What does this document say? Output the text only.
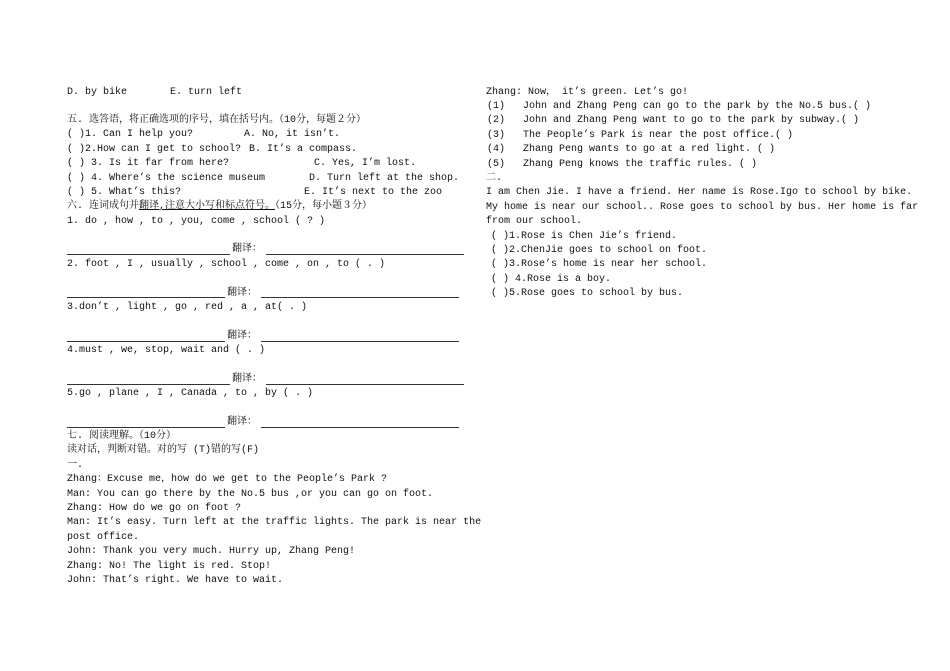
D. by bike	E. turn left
五. 选答语，将正确选项的序号，填在括号内。（10分，每题２分）
( )1. Can I help you?	A. No, it isn’t.
( )2.How can I get to school? B. It’s a compass.
( ) 3. Is it far from here?	C. Yes, I’m lost.
( ) 4. Where’s the science museum	D. Turn left at the shop.
( ) 5. What’s this?	E. It’s next to the zoo
六. 连词成句并翻译,注意大小写和标点符号。（15分，每小题３分）
1. do , how , to , you, come , school ( ? )
翻译：
2. foot , I , usually , school , come , on , to ( . )
翻译：
3.don’t , light , go , red , a , at( . )
翻译：
4.must , we, stop, wait and ( . )
翻译：
5.go , plane , I , Canada , to , by ( . )
翻译：
七. 阅读理解。（10分）
读对话，判断对错。对的写 (T)错的写(F)
一.
Zhang：Excuse me，how do we get to the People’s Park ?
Man: You can go there by the No.5 bus ,or you can go on foot.
Zhang: How do we go on foot ?
Man: It’s easy. Turn left at the traffic lights. The park is near the
post office.
John: Thank you very much. Hurry up, Zhang Peng!
Zhang: No! The light is red. Stop!
John: That’s right. We have to wait.
Zhang: Now， it’s green. Let’s go!
(1) John and Zhang Peng can go to the park by the No.5 bus.( )
(2) John and Zhang Peng want to go to the park by subway.( )
(3) The People’s Park is near the post office.( )
(4) Zhang Peng wants to go at a red light. ( )
(5) Zhang Peng knows the traffic rules. ( )
二.
I am Chen Jie. I have a friend. Her name is Rose.Igo to school by bike.
My home is near our school.. Rose goes to school by bus. Her home is far
from our school.
( )1.Rose is Chen Jie’s friend.
( )2.ChenJie goes to school on foot.
( )3.Rose’s home is near her school.
( ) 4.Rose is a boy.
( )5.Rose goes to school by bus.
